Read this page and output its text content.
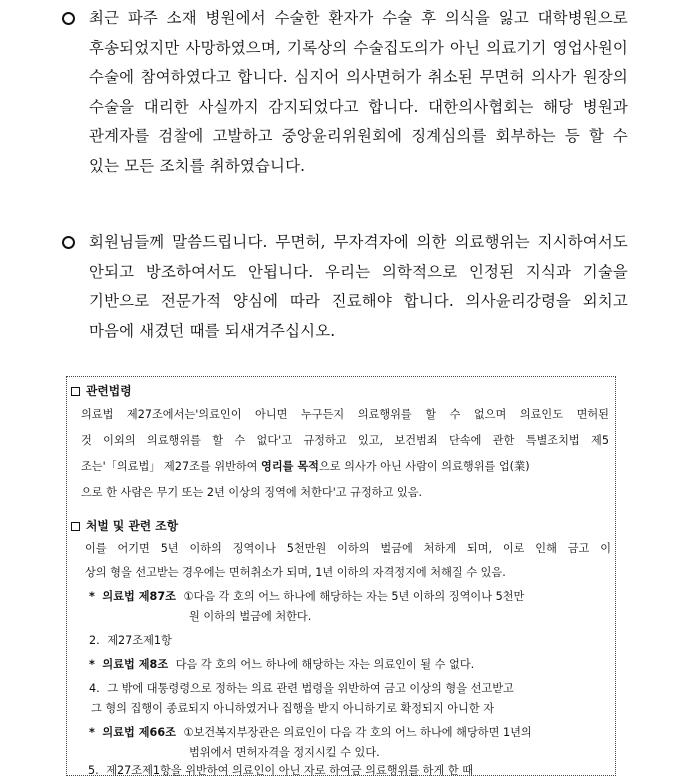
최근 파주 소재 병원에서 수술한 환자가 수술 후 의식을 잃고 대학병원으로 후송되었지만 사망하였으며, 기록상의 수술집도의가 아닌 의료기기 영업사원이 수술에 참여하였다고 합니다. 심지어 의사면허가 취소된 무면허 의사가 원장의 수술을 대리한 사실까지 감지되었다고 합니다. 대한의사협회는 해당 병원과 관계자를 검찰에 고발하고 중앙윤리위원회에 징계심의를 회부하는 등 할 수 있는 모든 조치를 취하였습니다.
회원님들께 말씀드립니다. 무면허, 무자격자에 의한 의료행위는 지시하여서도 안되고 방조하여서도 안됩니다. 우리는 의학적으로 인정된 지식과 기술을 기반으로 전문가적 양심에 따라 진료해야 합니다. 의사윤리강령을 외치고 마음에 새겼던 때를 되새겨주십시오.
관련법령
의료법 제27조에서는'의료인이 아니면 누구든지 의료행위를 할 수 없으며 의료인도 면허된
것 이외의 의료행위를 할 수 없다'고 규정하고 있고, 보건범죄 단속에 관한 특별조치법 제5
조는'「의료법」 제27조를 위반하여 영리를 목적으로 의사가 아닌 사람이 의료행위를 업(業)
으로 한 사람은 무기 또는 2년 이상의 징역에 처한다'고 규정하고 있음.
처벌 및 관련 조항
이를 어기면 5년 이하의 징역이나 5천만원 이하의 벌금에 처하게 되며, 이로 인해 금고 이
상의 형을 선고받는 경우에는 면허취소가 되며, 1년 이하의 자격정지에 처해질 수 있음.
* 의료법 제87조 ①다음 각 호의 어느 하나에 해당하는 자는 5년 이하의 징역이나 5천만
원 이하의 벌금에 처한다.
2. 제27조제1항
* 의료법 제8조 다음 각 호의 어느 하나에 해당하는 자는 의료인이 될 수 없다.
4. 그 밖에 대통령령으로 정하는 의료 관련 법령을 위반하여 금고 이상의 형을 선고받고
그 형의 집행이 종료되지 아니하였거나 집행을 받지 아니하기로 확정되지 아니한 자
* 의료법 제66조 ①보건복지부장관은 의료인이 다음 각 호의 어느 하나에 해당하면 1년의
범위에서 면허자격을 정지시킬 수 있다.
5. 제27조제1항을 위반하여 의료인이 아닌 자로 하여금 의료행위를 하게 한 때
